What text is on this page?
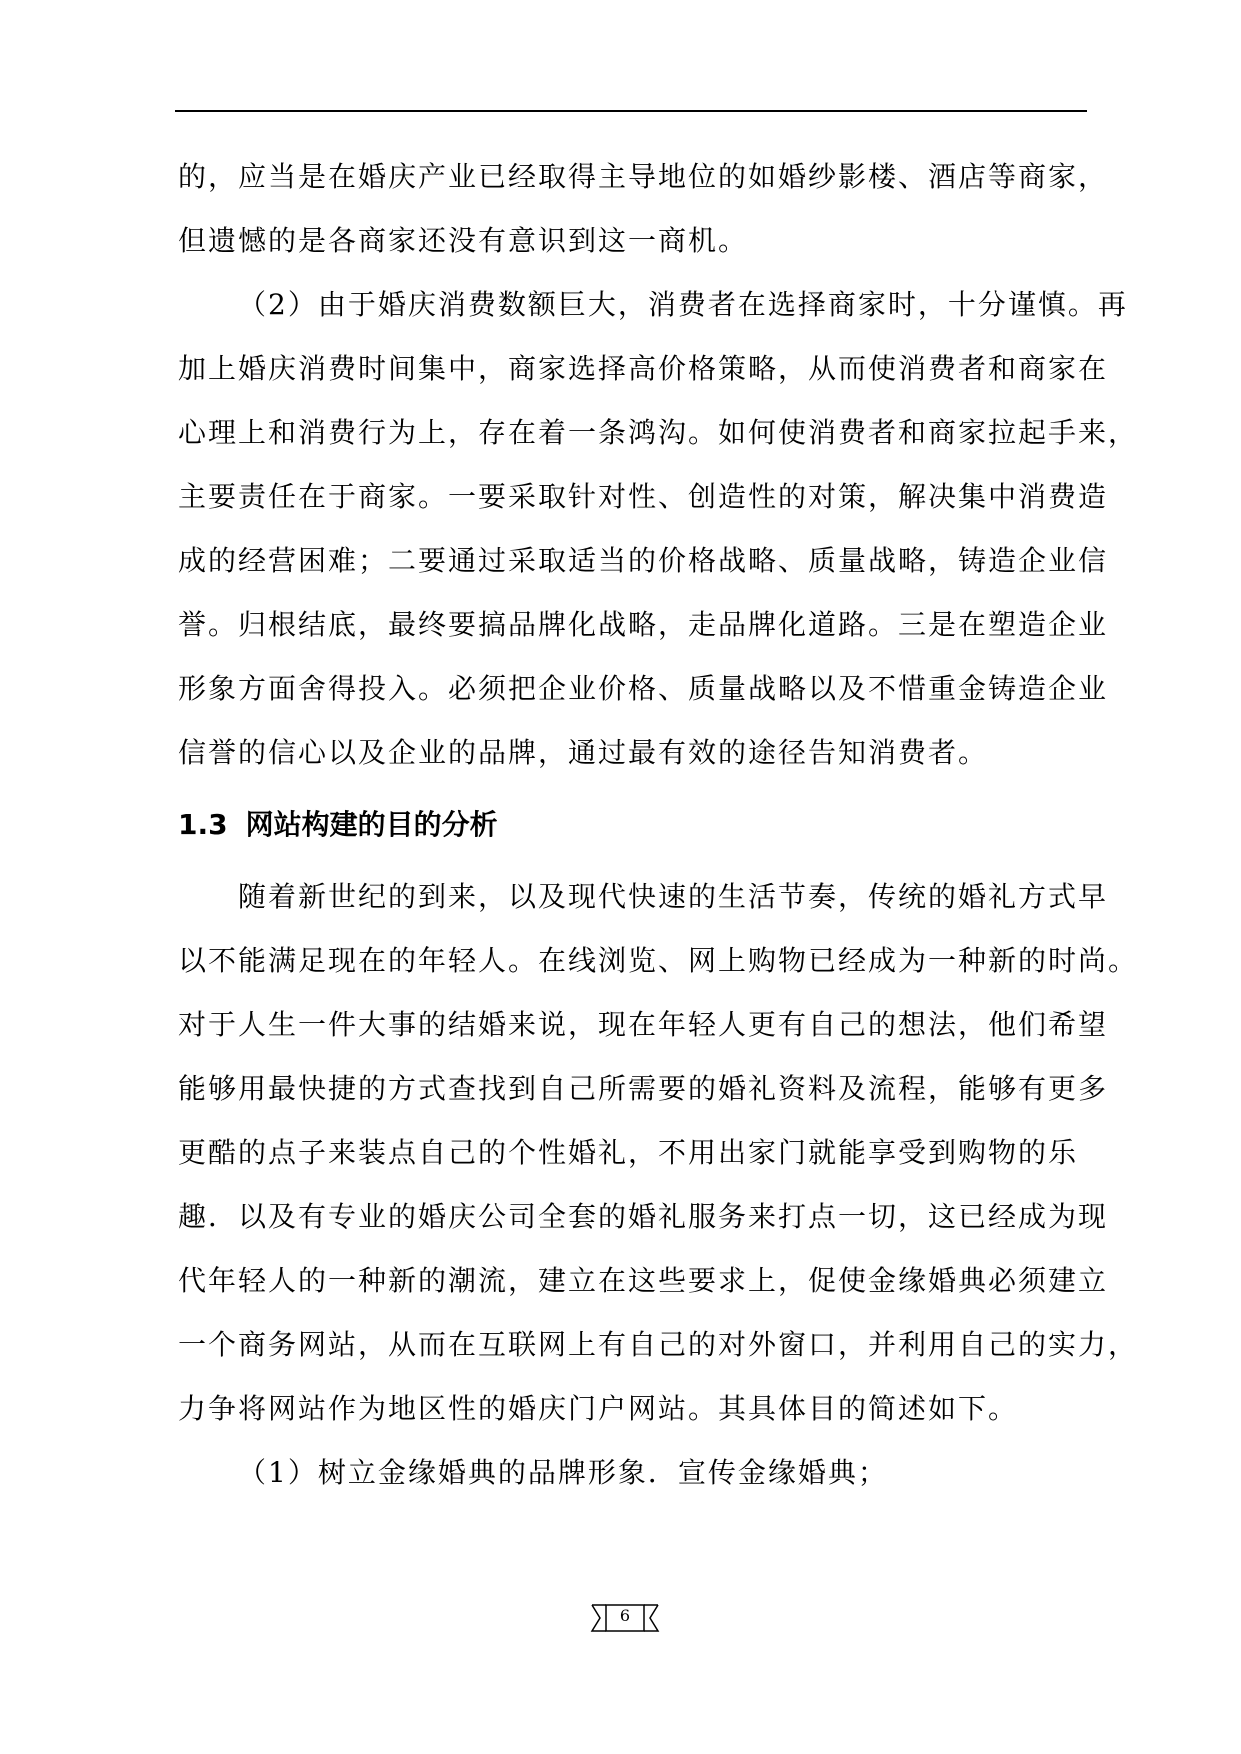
的，应当是在婚庆产业已经取得主导地位的如婚纱影楼、酒店等商家，
但遗憾的是各商家还没有意识到这一商机。
（2）由于婚庆消费数额巨大，消费者在选择商家时，十分谨慎。再
加上婚庆消费时间集中，商家选择高价格策略，从而使消费者和商家在
心理上和消费行为上，存在着一条鸿沟。如何使消费者和商家拉起手来，
主要责任在于商家。一要采取针对性、创造性的对策，解决集中消费造
成的经营困难；二要通过采取适当的价格战略、质量战略，铸造企业信
誉。归根结底，最终要搞品牌化战略，走品牌化道路。三是在塑造企业
形象方面舍得投入。必须把企业价格、质量战略以及不惜重金铸造企业
信誉的信心以及企业的品牌，通过最有效的途径告知消费者。
1.3 网站构建的目的分析
随着新世纪的到来，以及现代快速的生活节奏，传统的婚礼方式早
以不能满足现在的年轻人。在线浏览、网上购物已经成为一种新的时尚。
对于人生一件大事的结婚来说，现在年轻人更有自己的想法，他们希望
能够用最快捷的方式查找到自己所需要的婚礼资料及流程，能够有更多
更酷的点子来装点自己的个性婚礼，不用出家门就能享受到购物的乐
趣．以及有专业的婚庆公司全套的婚礼服务来打点一切，这已经成为现
代年轻人的一种新的潮流，建立在这些要求上，促使金缘婚典必须建立
一个商务网站，从而在互联网上有自己的对外窗口，并利用自己的实力，
力争将网站作为地区性的婚庆门户网站。其具体目的简述如下。
（1）树立金缘婚典的品牌形象．宣传金缘婚典；
6
